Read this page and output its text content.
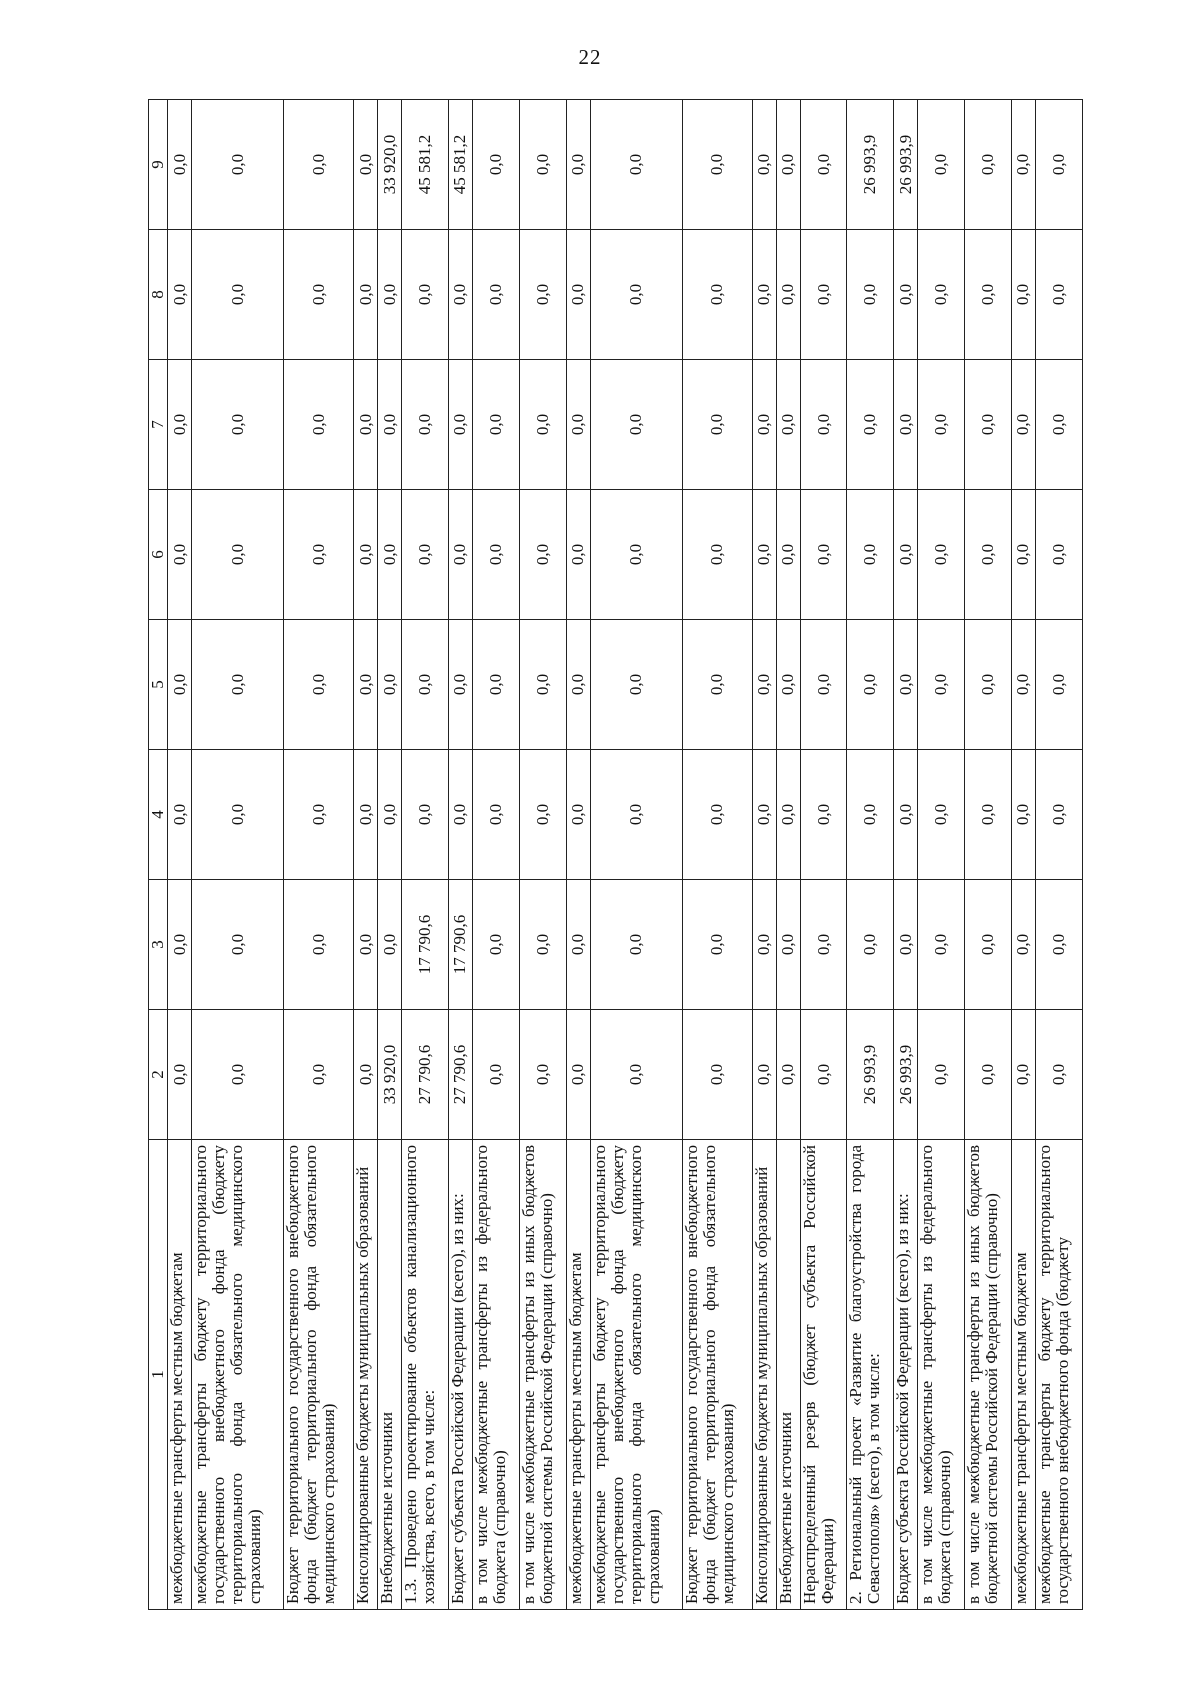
22
1	2	3	4	5	6	7	8	9
межбюджетные трансферты местным бюджетам	0,0	0,0	0,0	0,0	0,0	0,0	0,0	0,0
межбюджетные трансферты бюджету территориального государственного внебюджетного фонда (бюджету территориального фонда обязательного медицинского страхования)	0,0	0,0	0,0	0,0	0,0	0,0	0,0	0,0
Бюджет территориального государственного внебюджетного фонда (бюджет территориального фонда обязательного медицинского страхования)	0,0	0,0	0,0	0,0	0,0	0,0	0,0	0,0
Консолидированные бюджеты муниципальных образований	0,0	0,0	0,0	0,0	0,0	0,0	0,0	0,0
Внебюджетные источники	33 920,0	0,0	0,0	0,0	0,0	0,0	0,0	33 920,0
1.3. Проведено проектирование объектов канализационного хозяйства, всего, в том числе:	27 790,6	17 790,6	0,0	0,0	0,0	0,0	0,0	45 581,2
Бюджет субъекта Российской Федерации (всего), из них:	27 790,6	17 790,6	0,0	0,0	0,0	0,0	0,0	45 581,2
в том числе межбюджетные трансферты из федерального бюджета (справочно)	0,0	0,0	0,0	0,0	0,0	0,0	0,0	0,0
в том числе межбюджетные трансферты из иных бюджетов бюджетной системы Российской Федерации (справочно)	0,0	0,0	0,0	0,0	0,0	0,0	0,0	0,0
межбюджетные трансферты местным бюджетам	0,0	0,0	0,0	0,0	0,0	0,0	0,0	0,0
межбюджетные трансферты бюджету территориального государственного внебюджетного фонда (бюджету территориального фонда обязательного медицинского страхования)	0,0	0,0	0,0	0,0	0,0	0,0	0,0	0,0
Бюджет территориального государственного внебюджетного фонда (бюджет территориального фонда обязательного медицинского страхования)	0,0	0,0	0,0	0,0	0,0	0,0	0,0	0,0
Консолидированные бюджеты муниципальных образований	0,0	0,0	0,0	0,0	0,0	0,0	0,0	0,0
Внебюджетные источники	0,0	0,0	0,0	0,0	0,0	0,0	0,0	0,0
Нераспределенный резерв (бюджет субъекта Российской Федерации)	0,0	0,0	0,0	0,0	0,0	0,0	0,0	0,0
2. Региональный проект «Развитие благоустройства города Севастополя» (всего), в том числе:	26 993,9	0,0	0,0	0,0	0,0	0,0	0,0	26 993,9
Бюджет субъекта Российской Федерации (всего), из них:	26 993,9	0,0	0,0	0,0	0,0	0,0	0,0	26 993,9
в том числе межбюджетные трансферты из федерального бюджета (справочно)	0,0	0,0	0,0	0,0	0,0	0,0	0,0	0,0
в том числе межбюджетные трансферты из иных бюджетов бюджетной системы Российской Федерации (справочно)	0,0	0,0	0,0	0,0	0,0	0,0	0,0	0,0
межбюджетные трансферты местным бюджетам	0,0	0,0	0,0	0,0	0,0	0,0	0,0	0,0
межбюджетные трансферты бюджету территориального государственного внебюджетного фонда (бюджету	0,0	0,0	0,0	0,0	0,0	0,0	0,0	0,0
